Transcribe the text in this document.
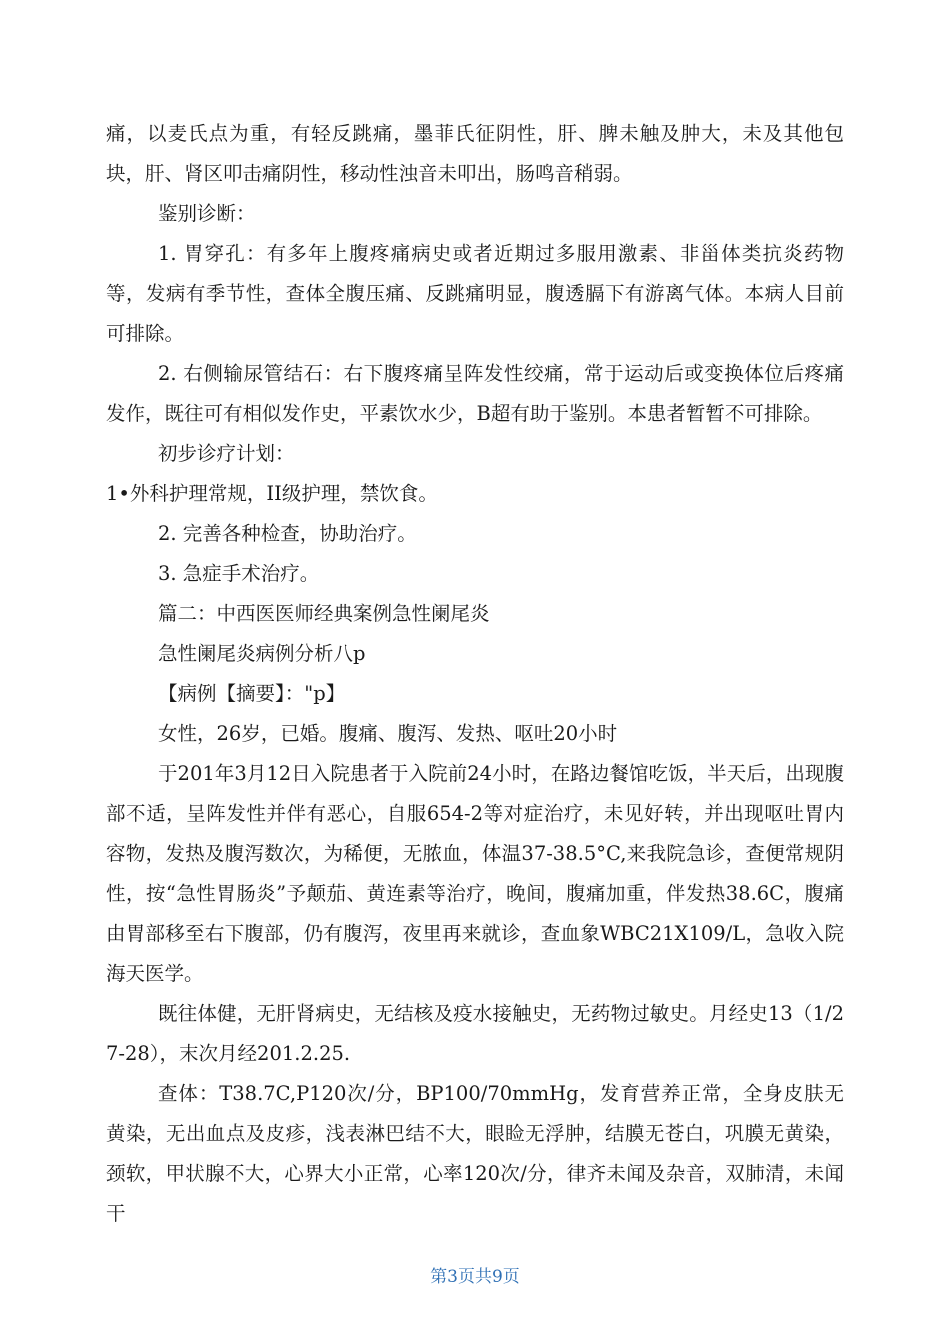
痛，以麦氏点为重，有轻反跳痛，墨菲氏征阴性，肝、脾未触及肿大，未及其他包块，肝、肾区叩击痛阴性，移动性浊音未叩出，肠鸣音稍弱。

鉴别诊断：

1. 胃穿孔：有多年上腹疼痛病史或者近期过多服用激素、非甾体类抗炎药物等，发病有季节性，查体全腹压痛、反跳痛明显，腹透膈下有游离气体。本病人目前可排除。

2. 右侧输尿管结石：右下腹疼痛呈阵发性绞痛，常于运动后或变换体位后疼痛发作，既往可有相似发作史，平素饮水少，B超有助于鉴别。本患者暂暂不可排除。

初步诊疗计划：

1•外科护理常规，II级护理，禁饮食。

2. 完善各种检查，协助治疗。

3. 急症手术治疗。

篇二：中西医医师经典案例急性阑尾炎

急性阑尾炎病例分析八p

【病例【摘要】："p】

女性，26岁，已婚。腹痛、腹泻、发热、呕吐20小时

于201年3月12日入院患者于入院前24小时，在路边餐馆吃饭，半天后，出现腹部不适，呈阵发性并伴有恶心，自服654-2等对症治疗，未见好转，并出现呕吐胃内容物，发热及腹泻数次，为稀便，无脓血，体温37-38.5°C,来我院急诊，查便常规阴性，按“急性胃肠炎”予颠茄、黄连素等治疗，晚间，腹痛加重，伴发热38.6C，腹痛由胃部移至右下腹部，仍有腹泻，夜里再来就诊，查血象WBC21X109/L，急收入院海天医学。

既往体健，无肝肾病史，无结核及疫水接触史，无药物过敏史。月经史13（1/27-28），末次月经201.2.25.

查体：T38.7C,P120次/分，BP100/70mmHg，发育营养正常，全身皮肤无黄染，无出血点及皮疹，浅表淋巴结不大，眼睑无浮肿，结膜无苍白，巩膜无黄染，颈软，甲状腺不大，心界大小正常，心率120次/分，律齐未闻及杂音，双肺清，未闻干

第3页共9页
